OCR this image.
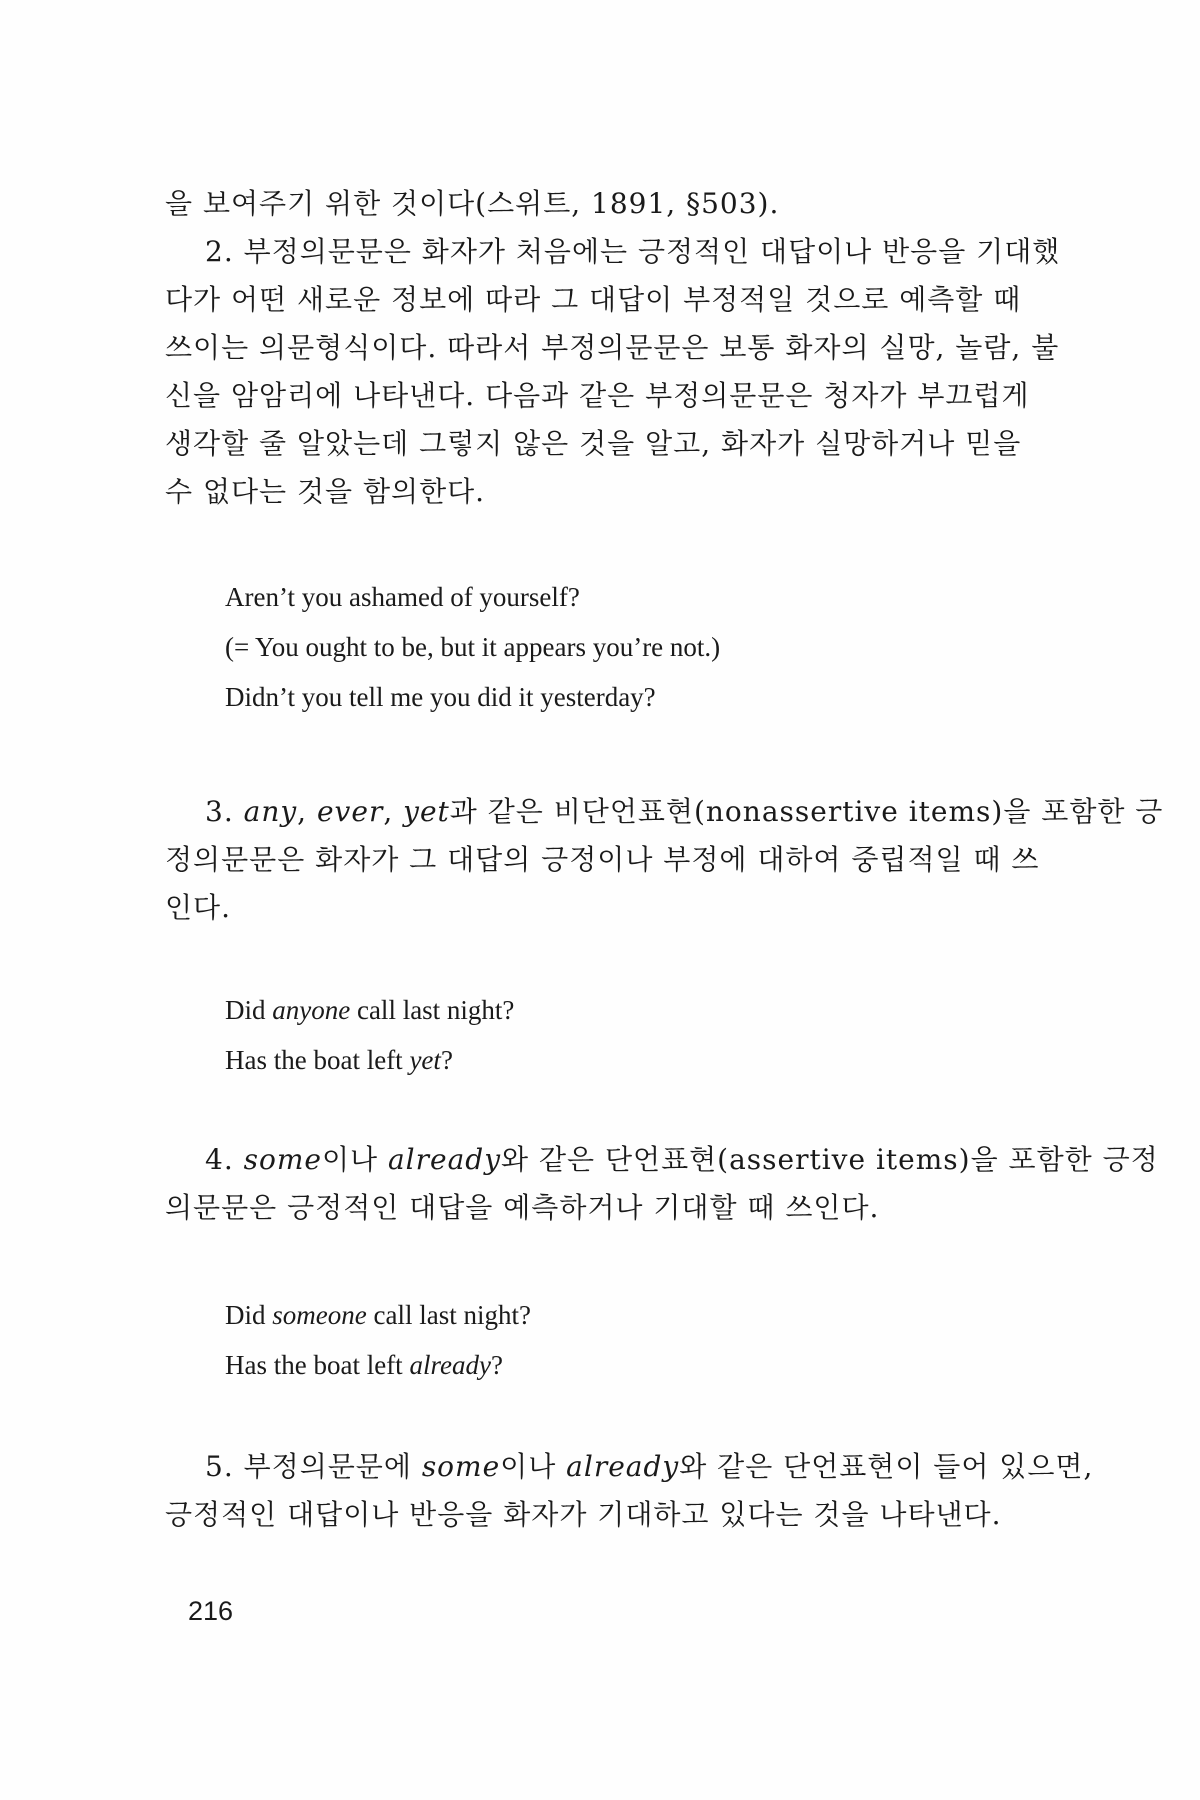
을 보여주기 위한 것이다(스위트, 1891, §503).
2. 부정의문문은 화자가 처음에는 긍정적인 대답이나 반응을 기대했
다가 어떤 새로운 정보에 따라 그 대답이 부정적일 것으로 예측할 때
쓰이는 의문형식이다. 따라서 부정의문문은 보통 화자의 실망, 놀람, 불
신을 암암리에 나타낸다. 다음과 같은 부정의문문은 청자가 부끄럽게
생각할 줄 알았는데 그렇지 않은 것을 알고, 화자가 실망하거나 믿을
수 없다는 것을 함의한다.
Aren’t you ashamed of yourself?
(= You ought to be, but it appears you’re not.)
Didn’t you tell me you did it yesterday?
3. any, ever, yet과 같은 비단언표현(nonassertive items)을 포함한 긍
정의문문은 화자가 그 대답의 긍정이나 부정에 대하여 중립적일 때 쓰
인다.
Did anyone call last night?
Has the boat left yet?
4. some이나 already와 같은 단언표현(assertive items)을 포함한 긍정
의문문은 긍정적인 대답을 예측하거나 기대할 때 쓰인다.
Did someone call last night?
Has the boat left already?
5. 부정의문문에 some이나 already와 같은 단언표현이 들어 있으면,
긍정적인 대답이나 반응을 화자가 기대하고 있다는 것을 나타낸다.
216
